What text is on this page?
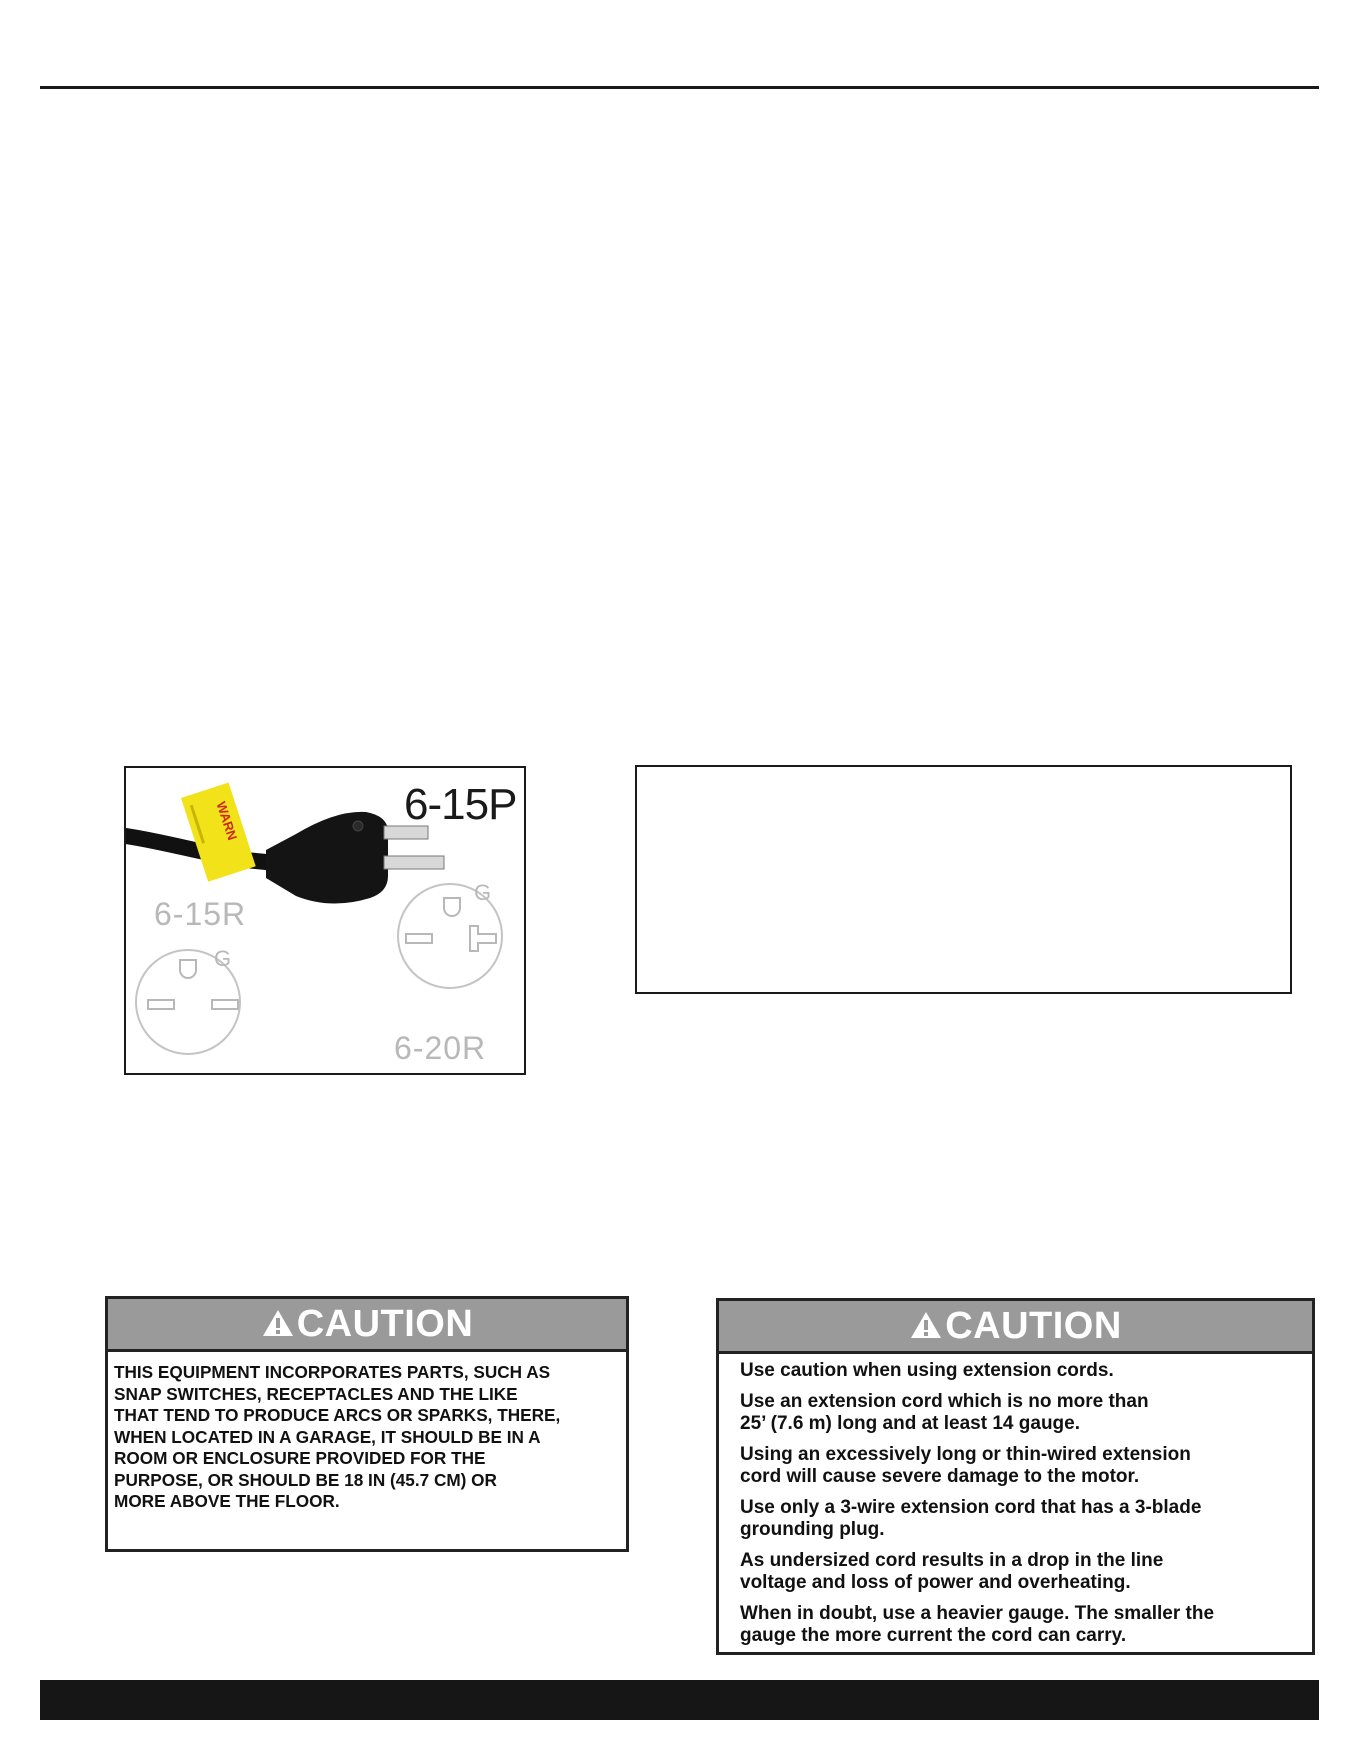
WARN	6-15P
6-15R
6-20R
G
G
CAUTION
THIS EQUIPMENT INCORPORATES PARTS, SUCH AS
SNAP SWITCHES, RECEPTACLES AND THE LIKE
THAT TEND TO PRODUCE ARCS OR SPARKS, THERE,
WHEN LOCATED IN A GARAGE, IT SHOULD BE IN A
ROOM OR ENCLOSURE PROVIDED FOR THE
PURPOSE, OR SHOULD BE 18 IN (45.7 CM) OR
MORE ABOVE THE FLOOR.
CAUTION

Use caution when using extension cords.

Use an extension cord which is no more than
25’ (7.6 m) long and at least 14 gauge.

Using an excessively long or thin-wired extension
cord will cause severe damage to the motor.

Use only a 3-wire extension cord that has a 3-blade
grounding plug.

As undersized cord results in a drop in the line
voltage and loss of power and overheating.

When in doubt, use a heavier gauge. The smaller the
gauge the more current the cord can carry.
